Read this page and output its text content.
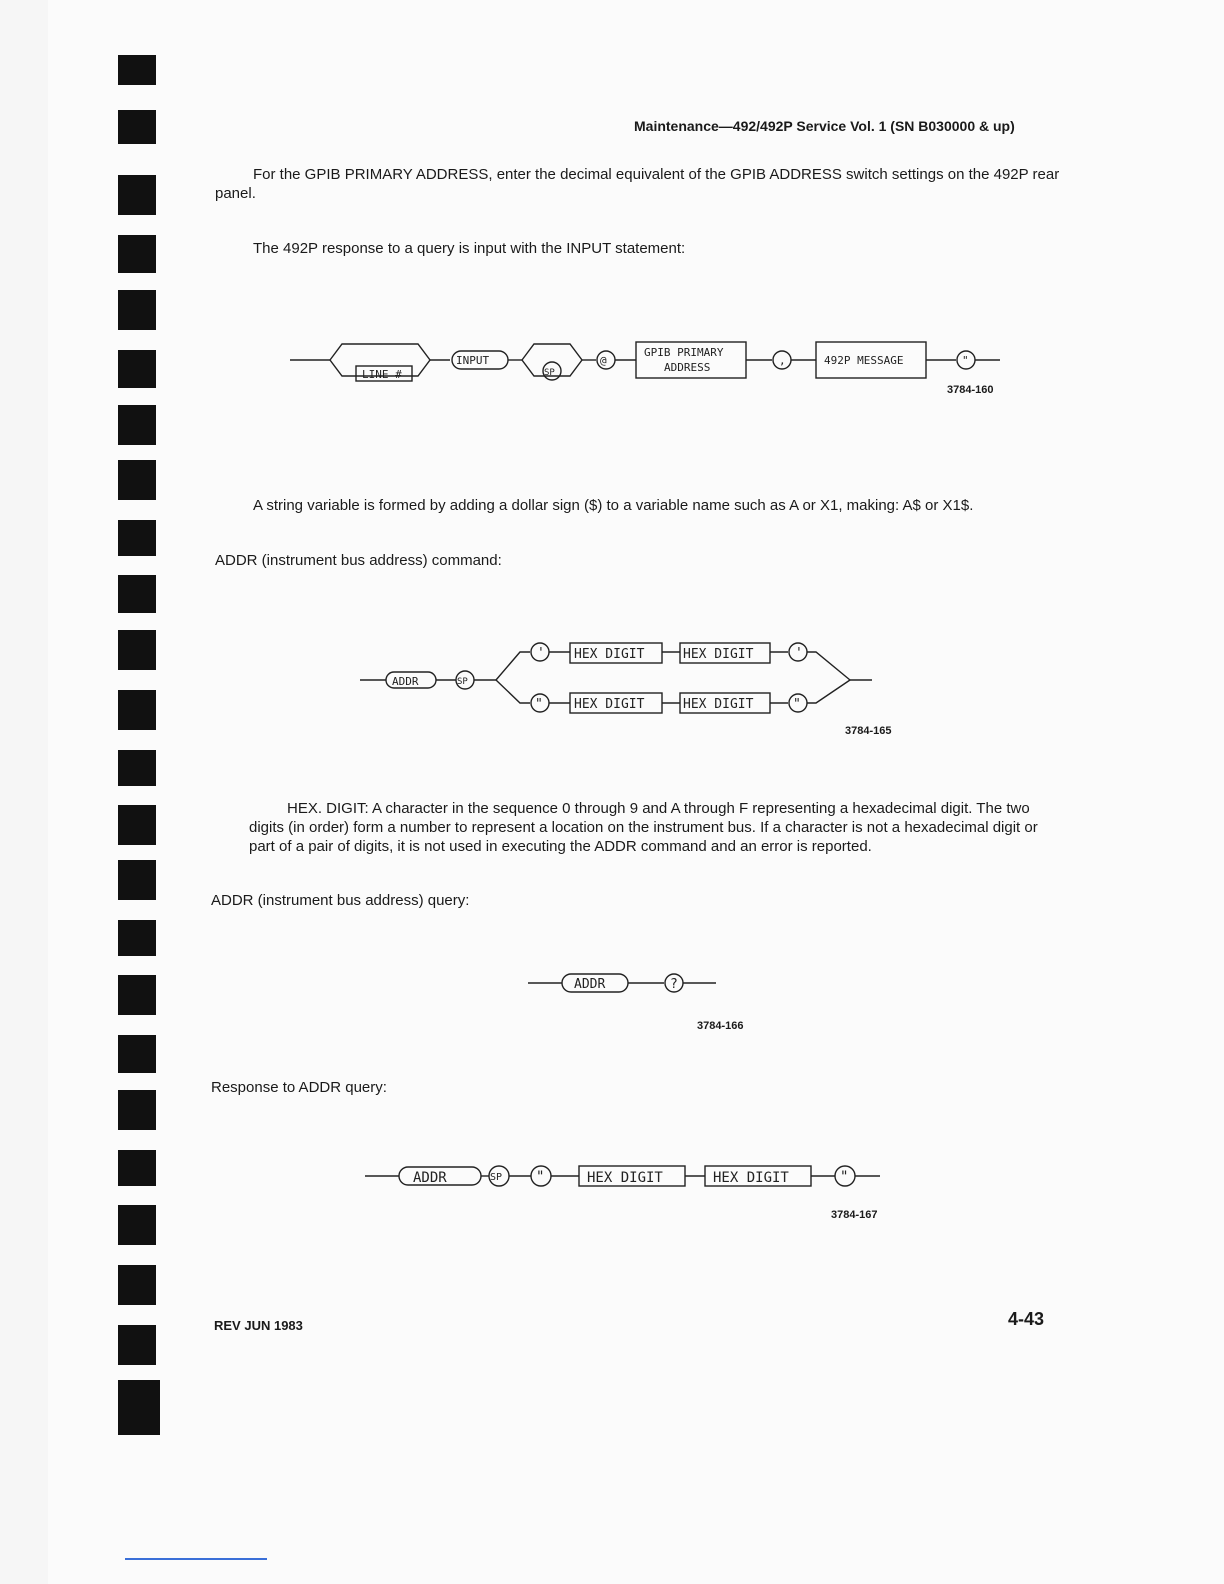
Maintenance—492/492P Service Vol. 1 (SN B030000 & up)

For the GPIB PRIMARY ADDRESS, enter the decimal equivalent of the GPIB ADDRESS switch settings on the 492P rear panel.

The 492P response to a query is input with the INPUT statement:

LINE #
INPUT
SP
@
GPIB PRIMARY
ADDRESS
,	492P MESSAGE	"
3784-160

A string variable is formed by adding a dollar sign ($) to a variable name such as A or X1, making: A$ or X1$.

ADDR (instrument bus address) command:

ADDR	SP
' HEX DIGIT	HEX DIGIT	'
" HEX DIGIT	HEX DIGIT	"
3784-165

HEX. DIGIT: A character in the sequence 0 through 9 and A through F representing a hexadecimal digit. The two digits (in order) form a number to represent a location on the instrument bus. If a character is not a hexadecimal digit or part of a pair of digits, it is not used in executing the ADDR command and an error is reported.

ADDR (instrument bus address) query:

ADDR	?
3784-166

Response to ADDR query:

ADDR	SP "	HEX DIGIT	HEX DIGIT	"
3784-167
REV JUN 1983	4-43
